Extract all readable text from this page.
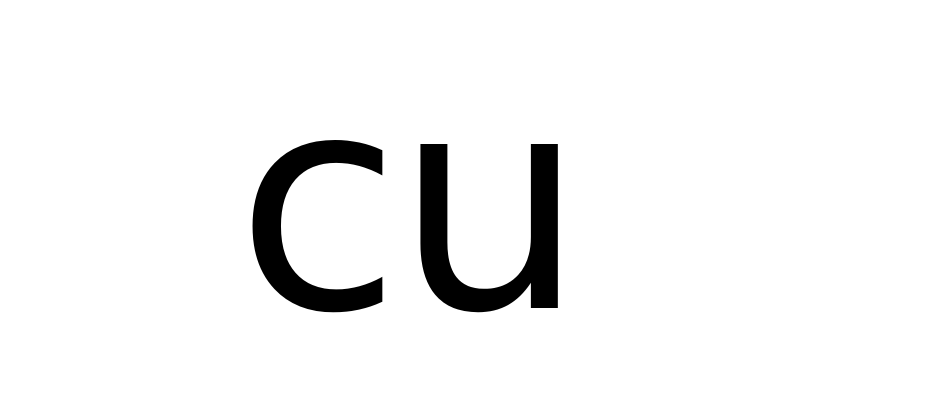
cu
